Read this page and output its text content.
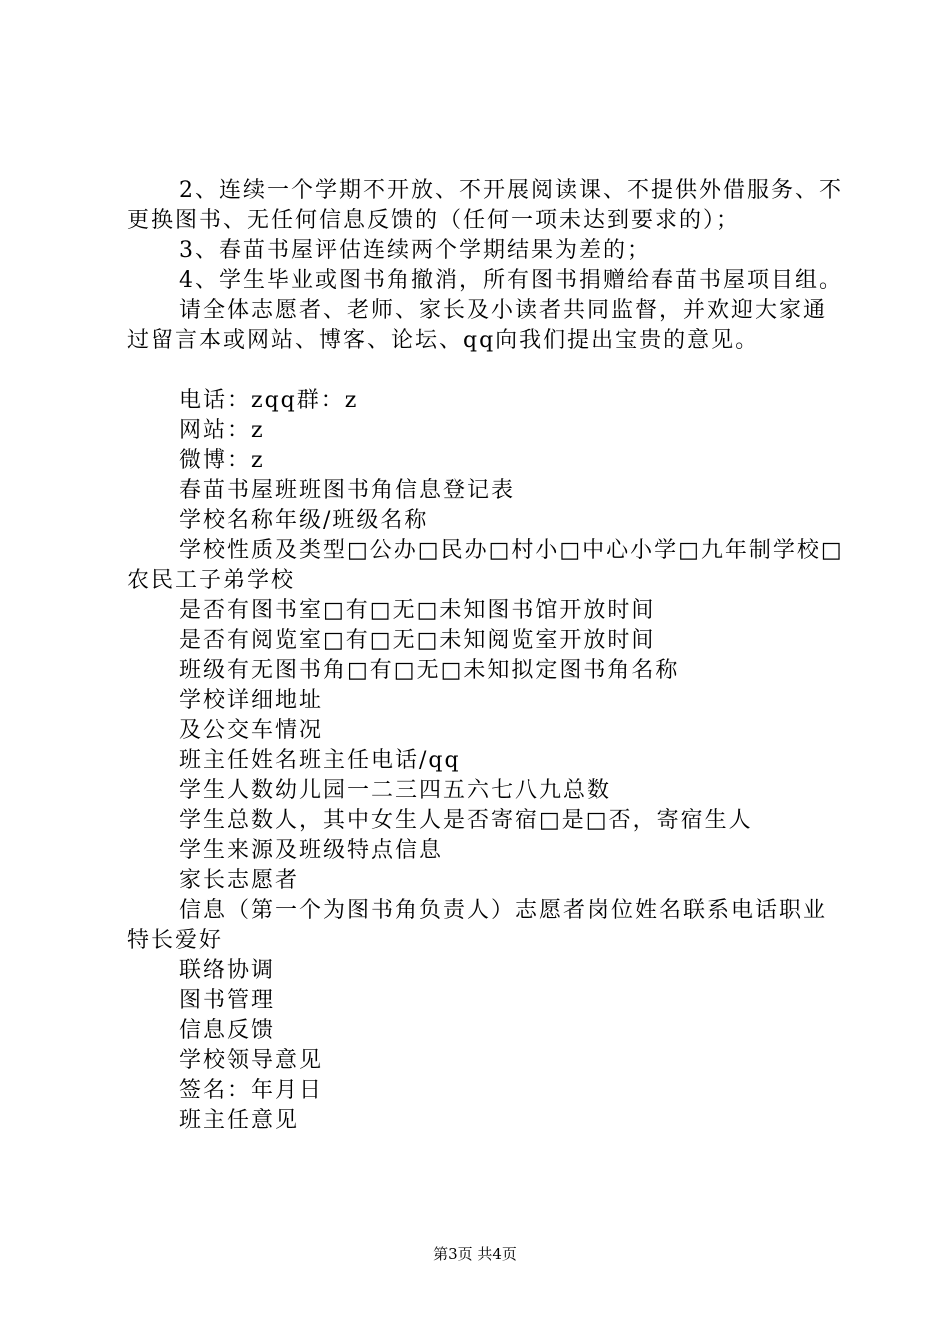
2、连续一个学期不开放、不开展阅读课、不提供外借服务、不更换图书、无任何信息反馈的（任何一项未达到要求的）；

3、春苗书屋评估连续两个学期结果为差的；

4、学生毕业或图书角撤消，所有图书捐赠给春苗书屋项目组。

请全体志愿者、老师、家长及小读者共同监督，并欢迎大家通过留言本或网站、博客、论坛、qq向我们提出宝贵的意见。

电话：zqq群：z

网站：z

微博：z

春苗书屋班班图书角信息登记表

学校名称年级/班级名称

学校性质及类型□公办□民办□村小□中心小学□九年制学校□农民工子弟学校

是否有图书室□有□无□未知图书馆开放时间

是否有阅览室□有□无□未知阅览室开放时间

班级有无图书角□有□无□未知拟定图书角名称

学校详细地址

及公交车情况

班主任姓名班主任电话/qq

学生人数幼儿园一二三四五六七八九总数

学生总数人，其中女生人是否寄宿□是□否，寄宿生人

学生来源及班级特点信息

家长志愿者

信息（第一个为图书角负责人）志愿者岗位姓名联系电话职业特长爱好

联络协调

图书管理

信息反馈

学校领导意见

签名：年月日

班主任意见

第3页 共4页
